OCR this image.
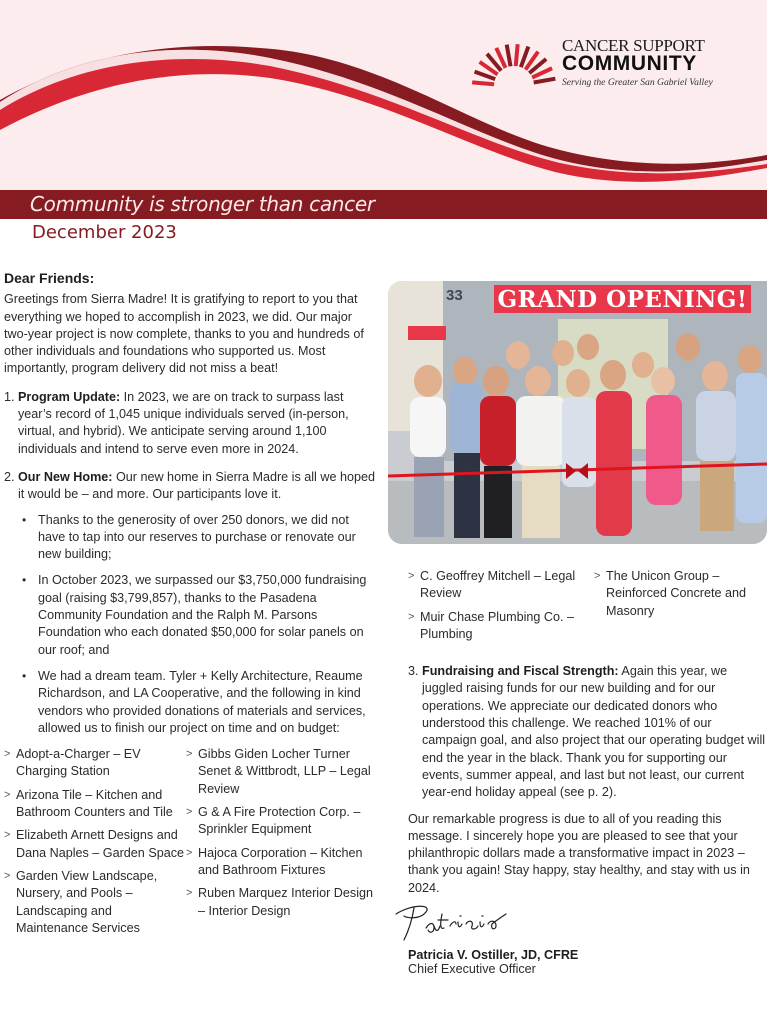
CANCER SUPPORT
COMMUNITY
Serving the Greater San Gabriel Valley
Community is stronger than cancer
December 2023

Dear Friends:

Greetings from Sierra Madre! It is gratifying to report to you that everything we hoped to accomplish in 2023, we did. Our major two-year project is now complete, thanks to you and hundreds of other individuals and foundations who supported us. Most importantly, program delivery did not miss a beat!

1. Program Update: In 2023, we are on track to surpass last year’s record of 1,045 unique individuals served (in-person, virtual, and hybrid). We anticipate serving around 1,100 individuals and intend to serve even more in 2024.

2. Our New Home: Our new home in Sierra Madre is all we hoped it would be – and more. Our participants love it.

• Thanks to the generosity of over 250 donors, we did not have to tap into our reserves to purchase or renovate our new building;
• In October 2023, we surpassed our $3,750,000 fundraising goal (raising $3,799,857), thanks to the Pasadena Community Foundation and the Ralph M. Parsons Foundation who each donated $50,000 for solar panels on our roof; and
• We had a dream team. Tyler + Kelly Architecture, Reaume Richardson, and LA Cooperative, and the following in kind vendors who provided donations of materials and services, allowed us to finish our project on time and on budget:
> Adopt-a-Charger – EV Charging Station
> Arizona Tile – Kitchen and Bathroom Counters and Tile
> Elizabeth Arnett Designs and Dana Naples – Garden Space
> Garden View Landscape, Nursery, and Pools – Landscaping and Maintenance Services
> Gibbs Giden Locher Turner Senet & Wittbrodt, LLP – Legal Review
> G & A Fire Protection Corp. – Sprinkler Equipment
> Hajoca Corporation – Kitchen and Bathroom Fixtures
> Ruben Marquez Interior Design – Interior Design
33 GRAND OPENING!
> C. Geoffrey Mitchell – Legal Review
> Muir Chase Plumbing Co. – Plumbing
> The Unicon Group – Reinforced Concrete and Masonry
3. Fundraising and Fiscal Strength: Again this year, we juggled raising funds for our new building and for our operations. We appreciate our dedicated donors who understood this challenge. We reached 101% of our campaign goal, and also project that our operating budget will end the year in the black. Thank you for supporting our events, summer appeal, and last but not least, our current year-end holiday appeal (see p. 2).

Our remarkable progress is due to all of you reading this message. I sincerely hope you are pleased to see that your philanthropic dollars made a transformative impact in 2023 – thank you again! Stay happy, stay healthy, and stay with us in 2024.

Patricia V. Ostiller, JD, CFRE
Chief Executive Officer
